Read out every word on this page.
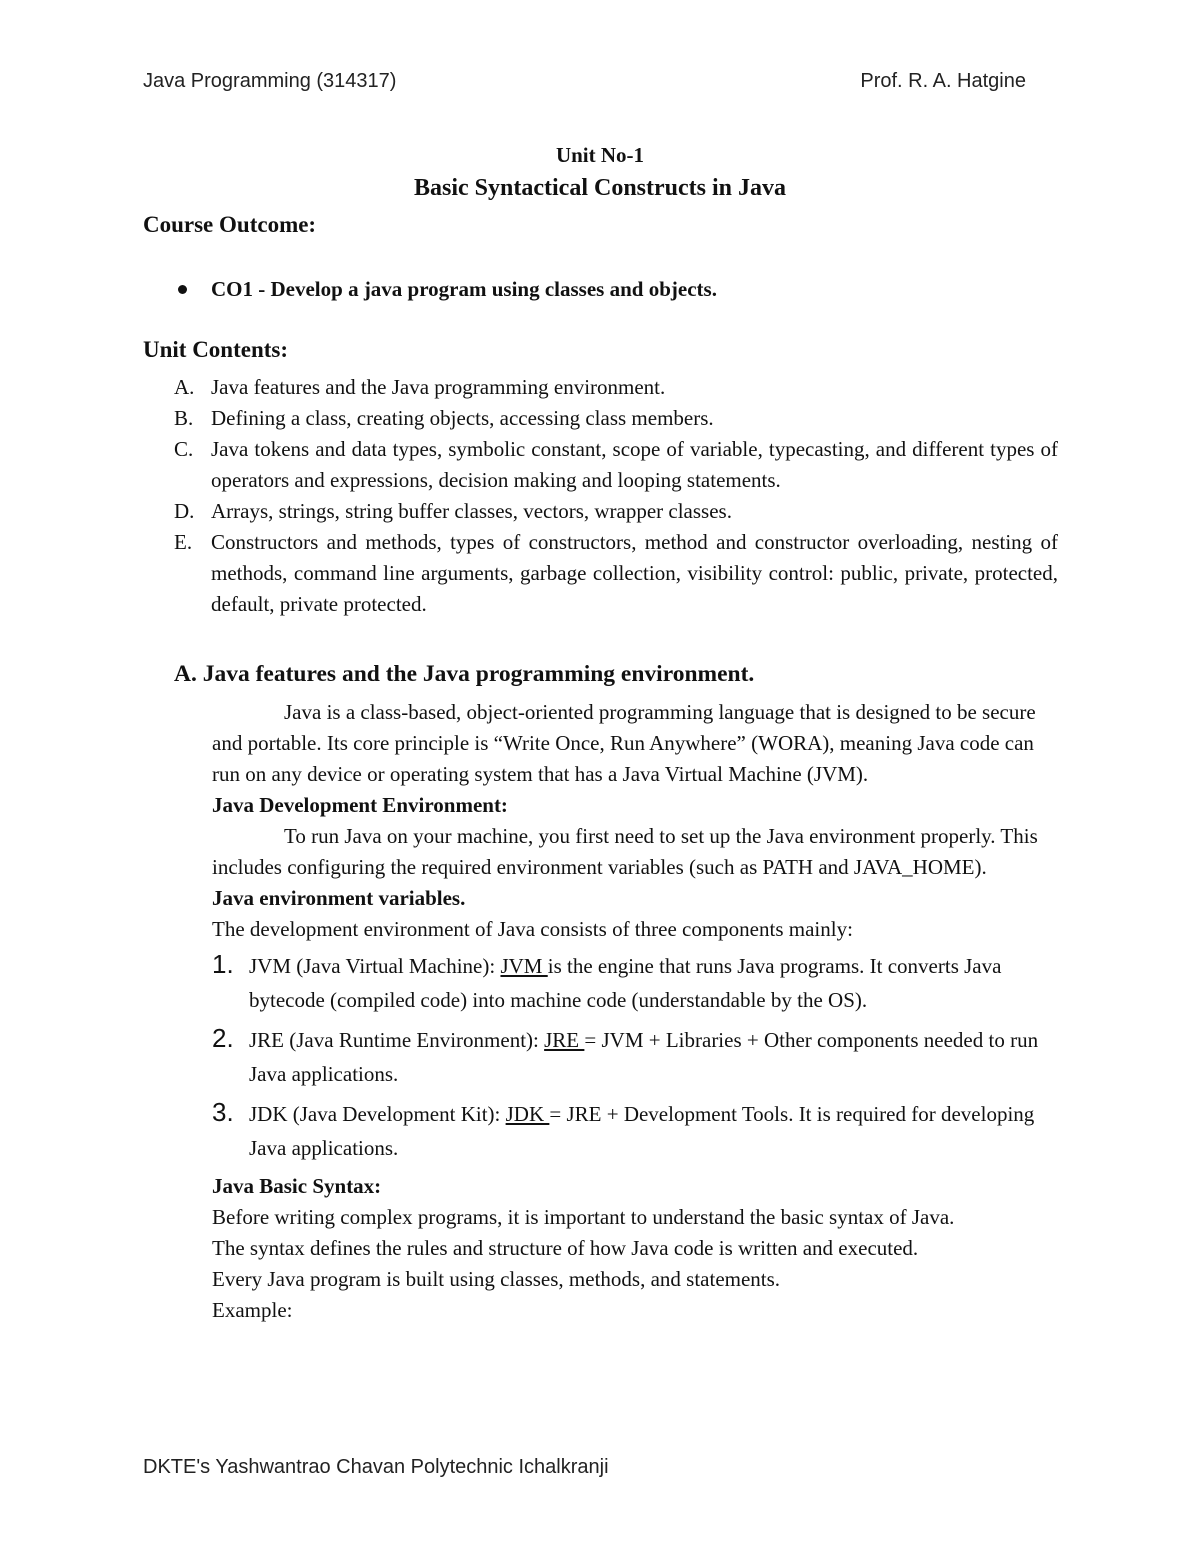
Java Programming (314317)	Prof. R. A. Hatgine
Unit No-1
Basic Syntactical Constructs in Java
Course Outcome:
CO1 - Develop a java program using classes and objects.
Unit Contents:
A. Java features and the Java programming environment.
B. Defining a class, creating objects, accessing class members.
C. Java tokens and data types, symbolic constant, scope of variable, typecasting, and different types of operators and expressions, decision making and looping statements.
D. Arrays, strings, string buffer classes, vectors, wrapper classes.
E. Constructors and methods, types of constructors, method and constructor overloading, nesting of methods, command line arguments, garbage collection, visibility control: public, private, protected, default, private protected.
A. Java features and the Java programming environment.

Java is a class-based, object-oriented programming language that is designed to be secure and portable. Its core principle is “Write Once, Run Anywhere” (WORA), meaning Java code can run on any device or operating system that has a Java Virtual Machine (JVM).

Java Development Environment:

To run Java on your machine, you first need to set up the Java environment properly. This includes configuring the required environment variables (such as PATH and JAVA_HOME).

Java environment variables.

The development environment of Java consists of three components mainly:

1. JVM (Java Virtual Machine): JVM is the engine that runs Java programs. It converts Java bytecode (compiled code) into machine code (understandable by the OS).
2. JRE (Java Runtime Environment): JRE = JVM + Libraries + Other components needed to run Java applications.
3. JDK (Java Development Kit): JDK = JRE + Development Tools. It is required for developing Java applications.

Java Basic Syntax:

Before writing complex programs, it is important to understand the basic syntax of Java.

The syntax defines the rules and structure of how Java code is written and executed.

Every Java program is built using classes, methods, and statements.

Example:

DKTE's Yashwantrao Chavan Polytechnic Ichalkranji
